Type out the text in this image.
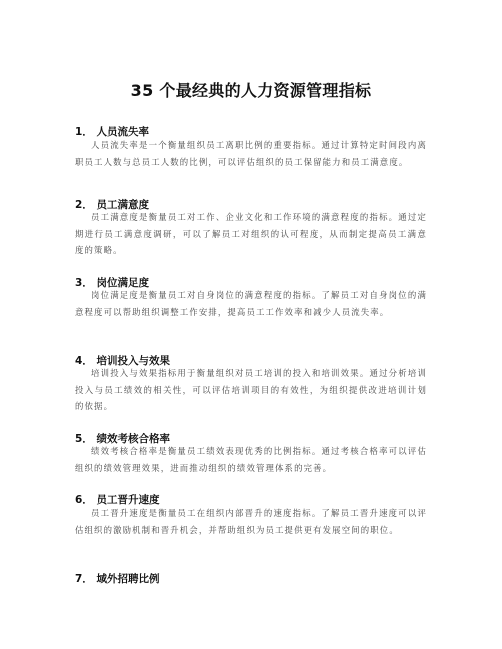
35 个最经典的人力资源管理指标
1． 人员流失率
人员流失率是一个衡量组织员工离职比例的重要指标。通过计算特定时间段内离职员工人数与总员工人数的比例，可以评估组织的员工保留能力和员工满意度。
2． 员工满意度
员工满意度是衡量员工对工作、企业文化和工作环境的满意程度的指标。通过定期进行员工满意度调研，可以了解员工对组织的认可程度，从而制定提高员工满意度的策略。
3． 岗位满足度
岗位满足度是衡量员工对自身岗位的满意程度的指标。了解员工对自身岗位的满意程度可以帮助组织调整工作安排，提高员工工作效率和减少人员流失率。
4． 培训投入与效果
培训投入与效果指标用于衡量组织对员工培训的投入和培训效果。通过分析培训投入与员工绩效的相关性，可以评估培训项目的有效性，为组织提供改进培训计划的依据。
5． 绩效考核合格率
绩效考核合格率是衡量员工绩效表现优秀的比例指标。通过考核合格率可以评估组织的绩效管理效果，进而推动组织的绩效管理体系的完善。
6． 员工晋升速度
员工晋升速度是衡量员工在组织内部晋升的速度指标。了解员工晋升速度可以评估组织的激励机制和晋升机会，并帮助组织为员工提供更有发展空间的职位。
7． 域外招聘比例
